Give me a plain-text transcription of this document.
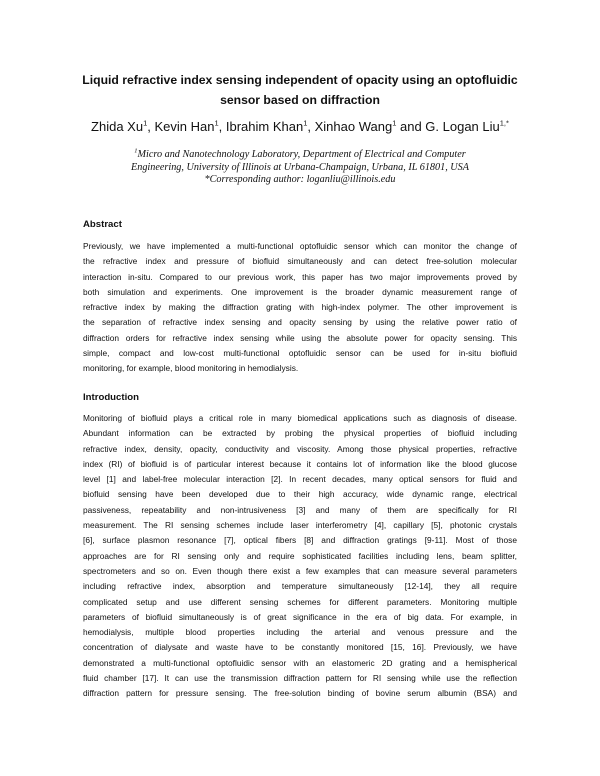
Liquid refractive index sensing independent of opacity using an optofluidic
sensor based on diffraction
Zhida Xu$^1$, Kevin Han$^1$, Ibrahim Khan$^1$, Xinhao Wang$^1$ and G. Logan Liu$^{1,*}$
$^1$Micro and Nanotechnology Laboratory, Department of Electrical and Computer
Engineering, University of Illinois at Urbana-Champaign, Urbana, IL 61801, USA
*Corresponding author: loganliu@illinois.edu
Abstract
Previously, we have implemented a multi-functional optofluidic sensor which can monitor the change of
the refractive index and pressure of biofluid simultaneously and can detect free-solution molecular
interaction in-situ. Compared to our previous work, this paper has two major improvements proved by
both simulation and experiments. One improvement is the broader dynamic measurement range of
refractive index by making the diffraction grating with high-index polymer. The other improvement is
the separation of refractive index sensing and opacity sensing by using the relative power ratio of
diffraction orders for refractive index sensing while using the absolute power for opacity sensing. This
simple, compact and low-cost multi-functional optofluidic sensor can be used for in-situ biofluid
monitoring, for example, blood monitoring in hemodialysis.
Introduction
Monitoring of biofluid plays a critical role in many biomedical applications such as diagnosis of disease.
Abundant information can be extracted by probing the physical properties of biofluid including
refractive index, density, opacity, conductivity and viscosity. Among those physical properties, refractive
index (RI) of biofluid is of particular interest because it contains lot of information like the blood glucose
level [1] and label-free molecular interaction [2]. In recent decades, many optical sensors for fluid and
biofluid sensing have been developed due to their high accuracy, wide dynamic range, electrical
passiveness, repeatability and non-intrusiveness [3] and many of them are specifically for RI
measurement. The RI sensing schemes include laser interferometry [4], capillary [5], photonic crystals
[6], surface plasmon resonance [7], optical fibers [8] and diffraction gratings [9-11]. Most of those
approaches are for RI sensing only and require sophisticated facilities including lens, beam splitter,
spectrometers and so on. Even though there exist a few examples that can measure several parameters
including refractive index, absorption and temperature simultaneously [12-14], they all require
complicated setup and use different sensing schemes for different parameters. Monitoring multiple
parameters of biofluid simultaneously is of great significance in the era of big data. For example, in
hemodialysis, multiple blood properties including the arterial and venous pressure and the
concentration of dialysate and waste have to be constantly monitored [15, 16]. Previously, we have
demonstrated a multi-functional optofluidic sensor with an elastomeric 2D grating and a hemispherical
fluid chamber [17]. It can use the transmission diffraction pattern for RI sensing while use the reflection
diffraction pattern for pressure sensing. The free-solution binding of bovine serum albumin (BSA) and
